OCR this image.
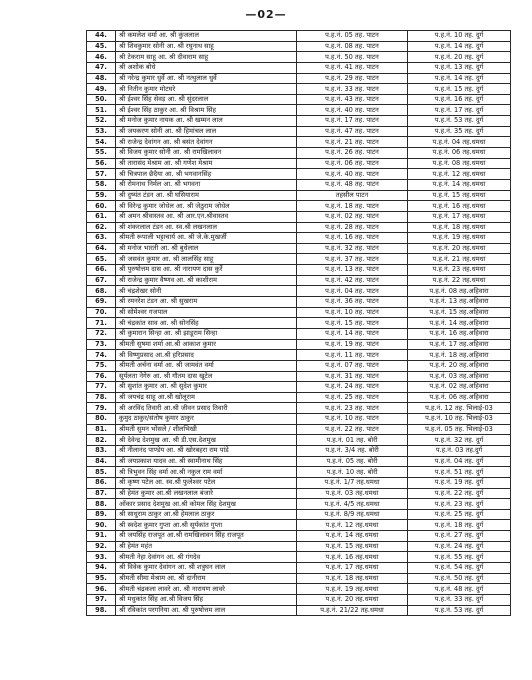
—02—
44.	श्री कमलेश वर्मा आ. श्री कुंजलाल	प.ह.नं. 05 तह. पाटन	प.ह.नं. 10 तह. दुर्ग
45.	श्री शिवकुमार सोनी आ. श्री रघुनाथ साहू	प.ह.नं. 08 तह. पाटन	प.ह.नं. 14 तह. दुर्ग
46.	श्री टेकराम साहू आ. श्री दीवाराम साहू	प.ह.नं. 50 तह. पाटन	प.ह.नं. 20 तह. दुर्ग
47.	श्री अशोक बोधे	प.ह.नं. 41 तह. पाटन	प.ह.नं. 13 तह. दुर्ग
48.	श्री नरेन्द्र कुमार धुर्वे आ. श्री नत्थुलाल धुर्वे	प.ह.नं. 29 तह. पाटन	प.ह.नं. 14 तह. दुर्ग
49.	श्री नितीन कुमार मोटघरे	प.ह.नं. 33 तह. पाटन	प.ह.नं. 15 तह. दुर्ग
50.	श्री ईश्वर सिंह सेवड़ आ. श्री सुंदरलाल	प.ह.नं. 43 तह. पाटन	प.ह.नं. 16 तह. दुर्ग
51.	श्री ईश्वर सिंह ठाकुर आ. श्री विश्राम सिंह	प.ह.नं. 40 तह. पाटन	प.ह.नं. 17 तह. दुर्ग
52.	श्री मनोज कुमार नायक आ. श्री खम्मन लाल	प.ह.नं. 17 तह. पाटन	प.ह.नं. 53 तह. दुर्ग
53.	श्री जयकरण सोनी आ. श्री हिमांचल लाल	प.ह.नं. 47 तह. पाटन	प.ह.नं. 35 तह. दुर्ग
54.	श्री राजेन्द्र देवांगन आ. श्री बसंत देवांगन	प.ह.नं. 21 तह. पाटन	प.ह.नं. 04 तह.धमधा
55.	श्री विजय कुमार सोनी आ. श्री रामखिलावन	प.ह.नं. 26 तह. पाटन	प.ह.नं. 06 तह.धमधा
56.	श्री तारासंद मेश्राम आ. श्री गणेश मेश्राम	प.ह.नं. 06 तह. पाटन	प.ह.नं. 08 तह.धमधा
57.	श्री चित्रपाल छैदैया आ. श्री भगवानसिंह	प.ह.नं. 40 तह. पाटन	प.ह.नं. 12 तह.धमधा
58.	श्री रोमनाथ निर्मल आ. श्री भगवना	प.ह.नं. 48 तह. पाटन	प.ह.नं. 14 तह.धमधा
59.	श्री दुष्यंत टंडन आ. श्री घसियाराम	तहसील पाटन	प.ह.नं. 15 तह.धमधा
60.	श्री विरेन्द्र कुमार जोधेल आ. श्री जेठुराम जोधेल	प.ह.नं. 18 तह. पाटन	प.ह.नं. 16 तह.धमधा
61.	श्री अमन श्रीवास्तव आ. श्री आर.एन.श्रीवास्तव	प.ह.नं. 02 तह. पाटन	प.ह.नं. 17 तह.धमधा
62.	श्री शंकरलाल टंडन आ. स्व.श्री लखनलाल	प.ह.नं. 28 तह. पाटन	प.ह.नं. 18 तह.धमधा
63.	श्रीमती रूपाली भट्टाचार्य आ. श्री जे.के.मुखर्जी	प.ह.नं. 16 तह. पाटन	प.ह.नं. 19 तह.धमधा
64.	श्री मनोज भारती आ. श्री बुधेलाल	प.ह.नं. 32 तह. पाटन	प.ह.नं. 20 तह.धमधा
65.	श्री जसवंत कुमार आ. श्री लालसिंह साहू	प.ह.नं. 37 तह. पाटन	प.ह.नं. 21 तह.धमधा
66.	श्री पुरुषोत्तम दास आ. श्री नारायण दास कुर्रे	प.ह.नं. 13 तह. पाटन	प.ह.नं. 23 तह.धमधा
67.	श्री राजेन्द्र कुमार वैष्णव आ. श्री काशीराम	प.ह.नं. 42 तह. पाटन	प.ह.नं. 22 तह.धमधा
68.	श्री चंद्रशेखर सोनी	प.ह.नं. 04 तह. पाटन	प.ह.नं. 08 तह.अहिवारा
69.	श्री रमनरेश टंडन आ. श्री सुखराम	प.ह.नं. 36 तह. पाटन	प.ह.नं. 13 तह.अहिवारा
70.	श्री सोमेश्वर गजपाल	प.ह.नं. 10 तह. पाटन	प.ह.नं. 15 तह.अहिवारा
71.	श्री चंद्रकांत साव आ. श्री सोनसिंह	प.ह.नं. 15 तह. पाटन	प.ह.नं. 14 तह.अहिवारा
72.	श्री कुमारान सिन्हा आ. श्री झाडूराम सिन्हा	प.ह.नं. 14 तह. पाटन	प.ह.नं. 16 तह.अहिवारा
73.	श्रीमती सुषमा शर्मा आ.श्री आकाश कुमार	प.ह.नं. 19 तह. पाटन	प.ह.नं. 17 तह.अहिवारा
74.	श्री विष्णुप्रसाद आ.श्री हरिप्रसाद	प.ह.नं. 11 तह. पाटन	प.ह.नं. 18 तह.अहिवारा
75.	श्रीमती अर्चना वर्मा आ. श्री जामवंत वर्मा	प.ह.नं. 07 तह. पाटन	प.ह.नं. 20 तह.अहिवारा
76.	सूर्यलता नेगेरु आ. श्री गौतम दास खूटेल	प.ह.नं. 31 तह. पाटन	प.ह.नं. 03 तह.अहिवारा
77.	श्री सुशांत कुमार आ. श्री सुदेश कुमार	प.ह.नं. 24 तह. पाटन	प.ह.नं. 02 तह.अहिवारा
78.	श्री जयचंद्र साहू आ.श्री खोलूराम	प.ह.नं. 25 तह. पाटन	प.ह.नं. 06 तह.अहिवारा
79.	श्री अरविंद तिवारी आ.श्री जीवन प्रसाद तिवारी	प.ह.नं. 23 तह. पाटन	प.ह.नं. 12 तह. भिलाई-03
80.	कुमुद ठाकुर/संतोष कुमार ठाकुर	प.ह.नं. 10 तह. पाटन	प.ह.नं. 10 तह. भिलाई-03
81.	श्रीमती सुमन भोंसले / शीलभिखी	प.ह.नं. 22 तह. पाटन	प.ह.नं. 05 तह. भिलाई-03
82.	श्री देवेन्द्र देशमुख आ. श्री डी.एस.देशमुख	प.ह.नं. 01 तह. बोरी	प.ह.नं. 32 तह. दुर्ग
83.	श्री नीलानंद पाण्डेय आ. श्री खोरबहरा राम पांडे	प.ह.नं. 3/4 तह. बोरी	प.ह.नं. 03 तह.दुर्ग
84.	श्री जयप्रकाश यादव आ. श्री स्वामीनाथ सिंह	प.ह.नं. 05 तह. बोरी	प.ह.नं. 04 तह. दुर्ग
85.	श्री त्रिभुवन सिंह वर्मा आ.श्री नकुल राम वर्मा	प.ह.नं. 10 तह. बोरी	प.ह.नं. 51 तह. दुर्ग
86.	श्री कृष्ण पटेल आ. स्व.श्री फुलेश्वर पटेल	प.ह.नं. 1/7 तह.धमधा	प.ह.नं. 19 तह. दुर्ग
87.	श्री हेमंत कुमार आ.श्री लखनलाल बंजारे	प.ह.नं. 03 तह.धमधा	प.ह.नं. 22 तह. दुर्ग
88.	ओंकार प्रसाद देशमुख आ.श्री कोमल सिंह देशमुख	प.ह.नं. 4/5 तह.धमधा	प.ह.नं. 23 तह. दुर्ग
89.	श्री साधुराम ठाकुर आ.श्री हेमलाल ठाकुर	प.ह.नं. 8/9 तह.धमधा	प.ह.नं. 25 तह. दुर्ग
90.	श्री स्वदेश कुमार गुप्ता आ.श्री सूर्यकांत गुप्ता	प.ह.नं. 12 तह.धमधा	प.ह.नं. 18 तह. दुर्ग
91.	श्री जयसिंह राजपूत आ.श्री रामखिलावन सिंह राजपूत	प.ह.नं. 14 तह.धमधा	प.ह.नं. 27 तह. दुर्ग
92.	श्री हेमंत महंत	प.ह.नं. 15 तह.धमधा	प.ह.नं. 24 तह. दुर्ग
93.	श्रीमती नेहा देवांगन आ. श्री गंगदेव	प.ह.नं. 16 तह.धमधा	प.ह.नं. 55 तह. दुर्ग
94.	श्री विवेक कुमार देवांगन आ. श्री शत्रुघन लाल	प.ह.नं. 17 तह.धमधा	प.ह.नं. 54 तह. दुर्ग
95.	श्रीमती सीमा मेश्राम आ. श्री दानीराम	प.ह.नं. 18 तह.धमधा	प.ह.नं. 50 तह. दुर्ग
96.	श्रीमती चंद्रकला लावरे आ. श्री नारायण लावरे	प.ह.नं. 19 तह.धमधा	प.ह.नं. 48 तह. दुर्ग
97.	श्री मधुकांत सिंह आ.श्री विजय सिंह	प.ह.नं. 20 तह.धमधा	प.ह.नं. 33 तह. दुर्ग
98.	श्री रविकांत परगनिया आ. श्री पुरुषोत्तम लाल	प.ह.नं. 21/22 तह.धमधा	प.ह.नं. 53 तह. दुर्ग
